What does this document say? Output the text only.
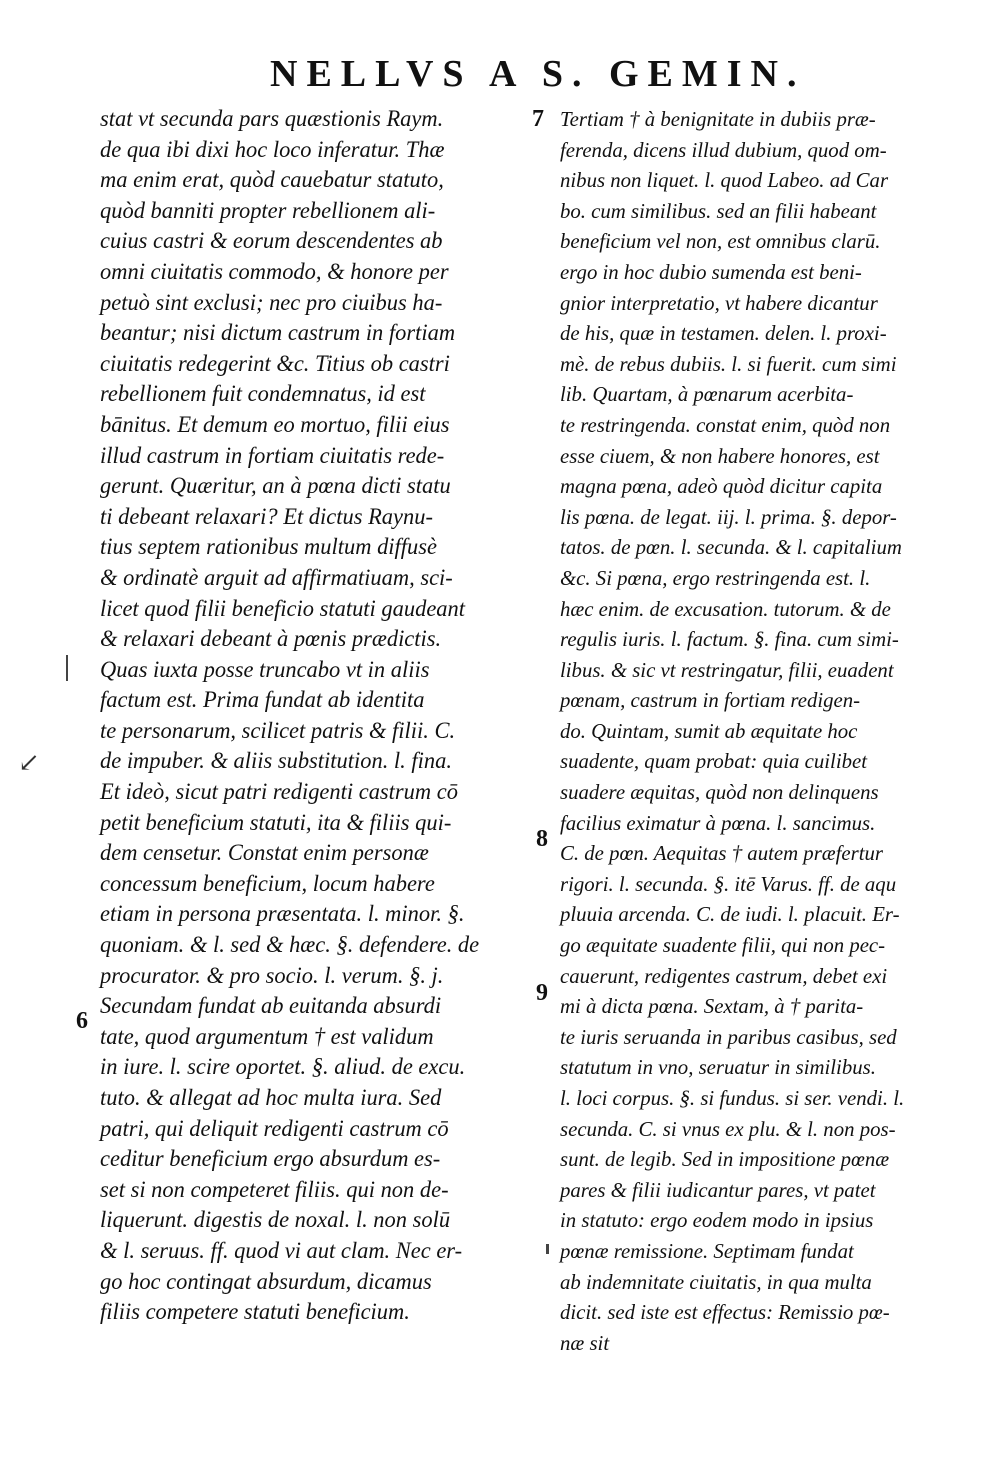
NELLVS A S. GEMIN.
stat vt secunda pars quæstionis Raym.
de qua ibi dixi hoc loco inferatur. Thæ
ma enim erat, quòd cauebatur statuto,
quòd banniti propter rebellionem ali-
cuius castri & eorum descendentes ab
omni ciuitatis commodo, & honore per
petuò sint exclusi; nec pro ciuibus ha-
beantur; nisi dictum castrum in fortiam
ciuitatis redegerint &c. Titius ob castri
rebellionem fuit condemnatus, id est
bānitus. Et demum eo mortuo, filii eius
illud castrum in fortiam ciuitatis rede-
gerunt. Quæritur, an à pœna dicti statu
ti debeant relaxari? Et dictus Raynu-
tius septem rationibus multum diffusè
& ordinatè arguit ad affirmatiuam, sci-
licet quod filii beneficio statuti gaudeant
& relaxari debeant à pœnis prædictis.
Quas iuxta posse truncabo vt in aliis
factum est. Prima fundat ab identita
te personarum, scilicet patris & filii. C.
de impuber. & aliis substitution. l. fina.
Et ideò, sicut patri redigenti castrum cō
petit beneficium statuti, ita & filiis qui-
dem censetur. Constat enim personæ
concessum beneficium, locum habere
etiam in persona præsentata. l. minor. §.
quoniam. & l. sed & hæc. §. defendere. de
procurator. & pro socio. l. verum. §. j.
Secundam fundat ab euitanda absurdi
tate, quod argumentum † est validum
in iure. l. scire oportet. §. aliud. de excu.
tuto. & allegat ad hoc multa iura. Sed
patri, qui deliquit redigenti castrum cō
ceditur beneficium ergo absurdum es-
set si non competeret filiis. qui non de-
liquerunt. digestis de noxal. l. non solū
& l. seruus. ff. quod vi aut clam. Nec er-
go hoc contingat absurdum, dicamus
filiis competere statuti beneficium.
Tertiam † à benignitate in dubiis præ-
ferenda, dicens illud dubium, quod om-
nibus non liquet. l. quod Labeo. ad Car
bo. cum similibus. sed an filii habeant
beneficium vel non, est omnibus clarū.
ergo in hoc dubio sumenda est beni-
gnior interpretatio, vt habere dicantur
de his, quæ in testamen. delen. l. proxi-
mè. de rebus dubiis. l. si fuerit. cum simi
lib. Quartam, à pœnarum acerbita-
te restringenda. constat enim, quòd non
esse ciuem, & non habere honores, est
magna pœna, adeò quòd dicitur capita
lis pœna. de legat. iij. l. prima. §. depor-
tatos. de pœn. l. secunda. & l. capitalium
&c. Si pœna, ergo restringenda est. l.
hæc enim. de excusation. tutorum. & de
regulis iuris. l. factum. §. fina. cum simi-
libus. & sic vt restringatur, filii, euadent
pœnam, castrum in fortiam redigen-
do. Quintam, sumit ab æquitate hoc
suadente, quam probat: quia cuilibet
suadere æquitas, quòd non delinquens
facilius eximatur à pœna. l. sancimus.
C. de pœn. Aequitas † autem præfertur
rigori. l. secunda. §. itē Varus. ff. de aqu
pluuia arcenda. C. de iudi. l. placuit. Er-
go æquitate suadente filii, qui non pec-
cauerunt, redigentes castrum, debet exi
mi à dicta pœna. Sextam, à † parita-
te iuris seruanda in paribus casibus, sed
statutum in vno, seruatur in similibus.
l. loci corpus. §. si fundus. si ser. vendi. l.
secunda. C. si vnus ex plu. & l. non pos-
sunt. de legib. Sed in impositione pœnæ
pares & filii iudicantur pares, vt patet
in statuto: ergo eodem modo in ipsius
pœnæ remissione. Septimam fundat
ab indemnitate ciuitatis, in qua multa
dicit. sed iste est effectus: Remissio pœ-
næ sit
7
8
9
6
↙
